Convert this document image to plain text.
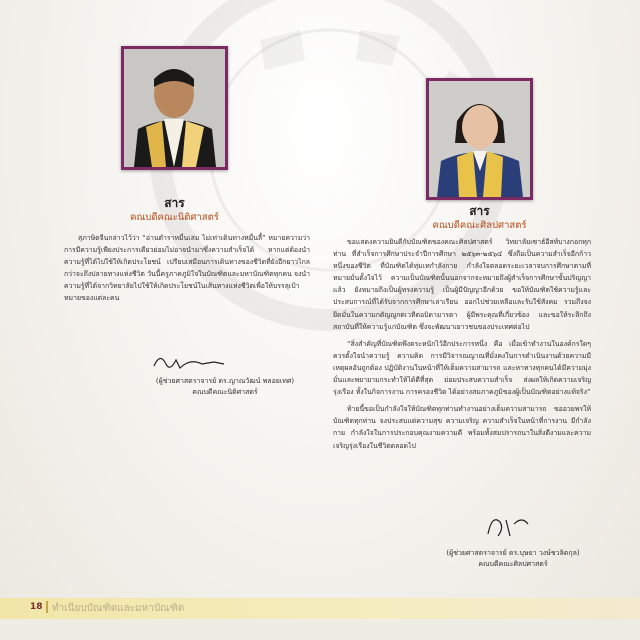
สาร
คณบดีคณะนิติศาสตร์	สาร
คณบดีคณะศิลปศาสตร์

สุภาษิตจีนกล่าวไว้ว่า “อ่านตำราหมื่นเล่ม ไม่เท่าเดินทางหมื่นลี้” หมายความว่า การมีความรู้เพียงประการเดียวย่อมไม่อาจนำมาซึ่งความสำเร็จได้ หากแต่ต้องนำความรู้ที่ได้ไปใช้ให้เกิดประโยชน์ เปรียบเสมือนการเดินทางของชีวิตที่ยังอีกยาวไกลกว่าจะถึงปลายทางแห่งชีวิต วันนี้ครูภาคภูมิใจในบัณฑิตและมหาบัณฑิตทุกคน จงนำความรู้ที่ได้จากวิทยาลัยไปใช้ให้เกิดประโยชน์ในเส้นทางแห่งชีวิตเพื่อให้บรรลุเป้าหมายของแต่ละคน

(ผู้ช่วยศาสตราจารย์ ดร.ญาณวัฒน์ พลอยเทศ)
คณบดีคณะนิติศาสตร์

ขอแสดงความยินดีกับบัณฑิตของคณะศิลปศาสตร์ วิทยาลัยเซาธ์อีสท์บางกอกทุกท่าน ที่สำเร็จการศึกษาประจำปีการศึกษา ๒๕๖๓-๒๕๖๔ ซึ่งถือเป็นความสำเร็จอีกก้าวหนึ่งของชีวิต ที่บัณฑิตได้ทุ่มเทกำลังกาย กำลังใจตลอดระยะเวลาจบการศึกษาตามที่หมายมั่นตั้งใจไว้ ความเป็นบัณฑิตนั้นนอกจากจะหมายถึงผู้สำเร็จการศึกษาขั้นปริญญาแล้ว ยังหมายถึงเป็นผู้ทรงความรู้ เป็นผู้มีปัญญาอีกด้วย ขอให้บัณฑิตใช้ความรู้และประสบการณ์ที่ได้รับจากการศึกษาเล่าเรียน ออกไปช่วยเหลือและรับใช้สังคม รวมถึงจงยึดมั่นในความกตัญญูกตเวทีต่อบิดามารดา ผู้มีพระคุณที่เกี่ยวข้อง และขอให้ระลึกถึงสถาบันที่ให้ความรู้แก่บัณฑิต ซึ่งจะพัฒนาเยาวชนของประเทศต่อไป

“สิ่งสำคัญที่บัณฑิตพึงตระหนักไว้อีกประการหนึ่ง คือ เมื่อเข้าทำงานในองค์กรใดๆ ควรตั้งใจนำความรู้ ความคิด การมีวิจารณญาณที่มั่งคงในการดำเนินงานด้วยความมีเหตุผลอันถูกต้อง ปฏิบัติงานในหน้าที่ให้เต็มความสามารถ และหาทางทุกคนได้มีความมุ่งมั่นและพยายามกระทำให้ได้ดีที่สุด ย่อมประสบความสำเร็จ ส่งผลให้เกิดความเจริญรุ่งเรือง ทั้งในกิจการงาน การครองชีวิต ได้อย่างสมภาคภูมิของผู้เป็นบัณฑิตอย่างแท้จริง”

ท้ายนี้ขอเป็นกำลังใจให้บัณฑิตทุกท่านทำงานอย่างเต็มความสามารถ ขออวยพรให้บัณฑิตทุกท่าน จงประสบแต่ความสุข ความเจริญ ความสำเร็จในหน้าที่การงาน มีกำลังกาย กำลังใจในการประกอบคุณงามความดี พร้อมทั้งสมปรารถนาในสิ่งดีงามและความเจริญรุ่งเรืองในชีวิตตลอดไป

(ผู้ช่วยศาสตราจารย์ ดร.บุษยา วงษ์ชวลิตกุล)
คณบดีคณะศิลปศาสตร์
18 ทำเนียบบัณฑิตและมหาบัณฑิต
